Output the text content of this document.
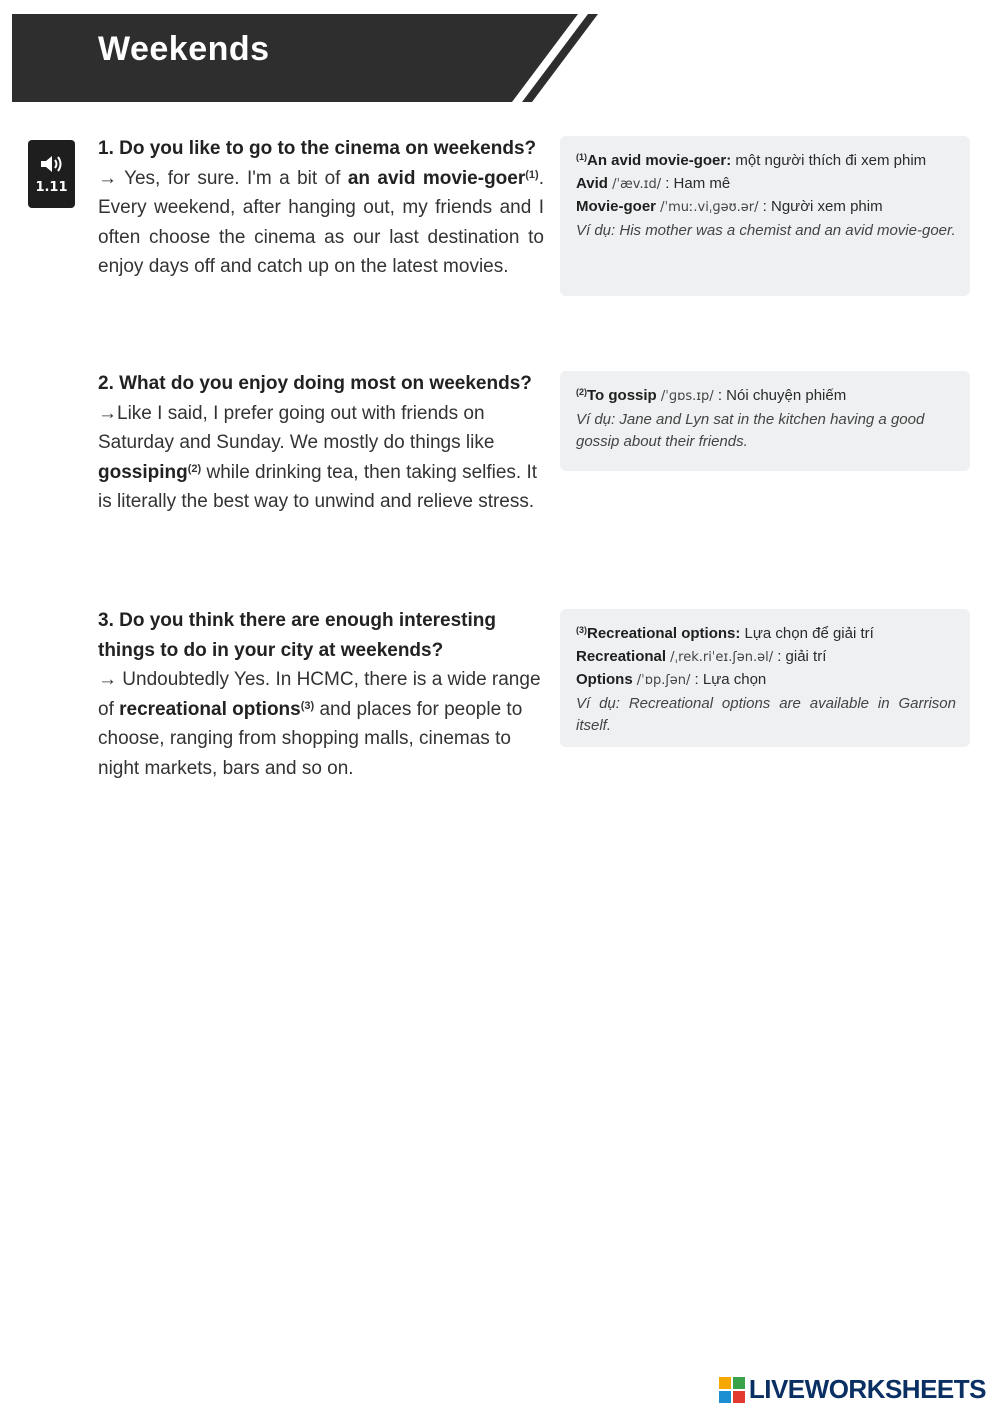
Weekends
1.11

1. Do you like to go to the cinema on weekends?

→ Yes, for sure. I'm a bit of an avid movie-goer$^{(1)}$. Every weekend, after hanging out, my friends and I often choose the cinema as our last destination to enjoy days off and catch up on the latest movies.

$^{(1)}$An avid movie-goer: một người thích đi xem phim
Avid /ˈæv.ɪd/ : Ham mê
Movie-goer /ˈmuː.viˌɡəʊ.ər/ : Người xem phim
Ví dụ: His mother was a chemist and an avid movie-goer.

2. What do you enjoy doing most on weekends?

→Like I said, I prefer going out with friends on Saturday and Sunday. We mostly do things like gossiping$^{(2)}$ while drinking tea, then taking selfies. It is literally the best way to unwind and relieve stress.

$^{(2)}$To gossip /ˈɡɒs.ɪp/ : Nói chuyện phiếm
Ví dụ: Jane and Lyn sat in the kitchen having a good gossip about their friends.

3. Do you think there are enough interesting things to do in your city at weekends?

→ Undoubtedly Yes. In HCMC, there is a wide range of recreational options$^{(3)}$ and places for people to choose, ranging from shopping malls, cinemas to night markets, bars and so on.

$^{(3)}$Recreational options: Lựa chọn để giải trí
Recreational /ˌrek.riˈeɪ.ʃən.əl/ : giải trí
Options /ˈɒp.ʃən/ : Lựa chọn
Ví dụ: Recreational options are available in Garrison itself.
LIVEWORKSHEETS
